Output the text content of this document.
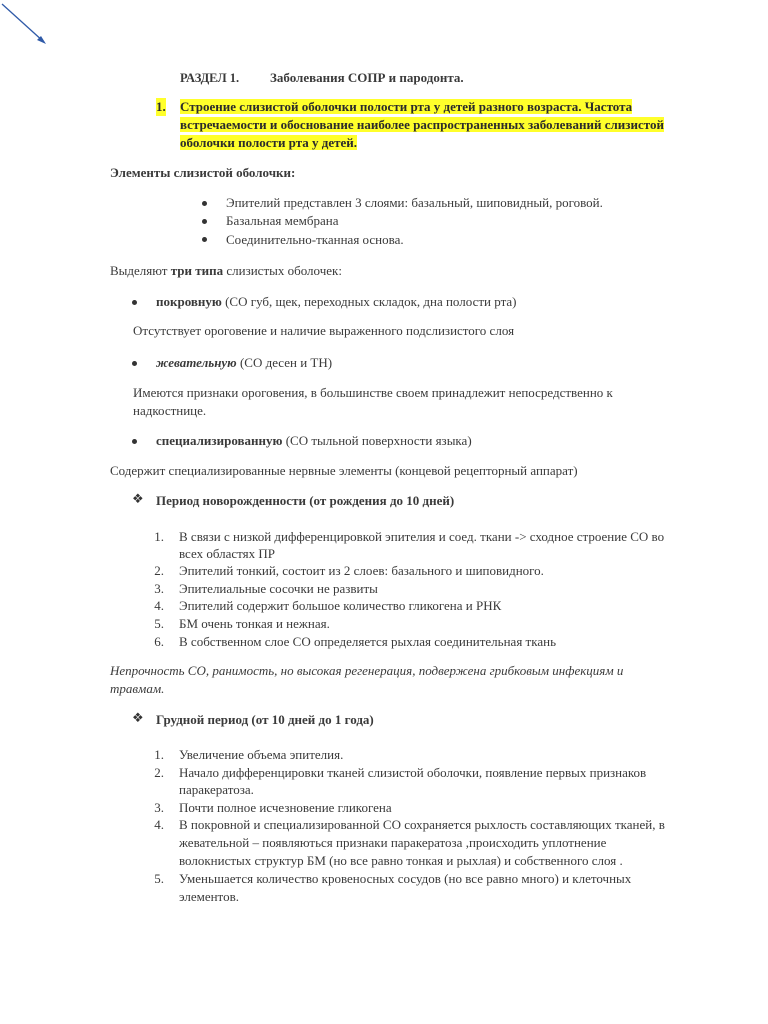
РАЗДЕЛ 1. Заболевания СОПР и пародонта.
1. Строение слизистой оболочки полости рта у детей разного возраста. Частота
встречаемости и обоснование наиболее распространенных заболеваний слизистой
оболочки полости рта у детей.
Элементы слизистой оболочки:
Эпителий представлен 3 слоями: базальный, шиповидный, роговой.
Базальная мембрана
Соединительно-тканная основа.
Выделяют три типа слизистых оболочек:
покровную (СО губ, щек, переходных складок, дна полости рта)
Отсутствует ороговение и наличие выраженного подслизистого слоя
жевательную (СО десен и ТН)
Имеются признаки ороговения, в большинстве своем принадлежит непосредственно к
надкостнице.
специализированную (СО тыльной поверхности языка)
Содержит специализированные нервные элементы (концевой рецепторный аппарат)
❖ Период новорожденности (от рождения до 10 дней)
1. В связи с низкой дифференцировкой эпителия и соед. ткани -> сходное строение СО во
всех областях ПР
2. Эпителий тонкий, состоит из 2 слоев: базального и шиповидного.
3. Эпителиальные сосочки не развиты
4. Эпителий содержит большое количество гликогена и РНК
5. БМ очень тонкая и нежная.
6. В собственном слое СО определяется рыхлая соединительная ткань
Непрочность СО, ранимость, но высокая регенерация, подвержена грибковым инфекциям и
травмам.
❖ Грудной период (от 10 дней до 1 года)
1. Увеличение объема эпителия.
2. Начало дифференцировки тканей слизистой оболочки, появление первых признаков
паракератоза.
3. Почти полное исчезновение гликогена
4. В покровной и специализированной СО сохраняется рыхлость составляющих тканей, в
жевательной – появляються признаки паракератоза ,происходить уплотнение
волокнистых структур БМ (но все равно тонкая и рыхлая) и собственного слоя .
5. Уменьшается количество кровеносных сосудов (но все равно много) и клеточных
элементов.
